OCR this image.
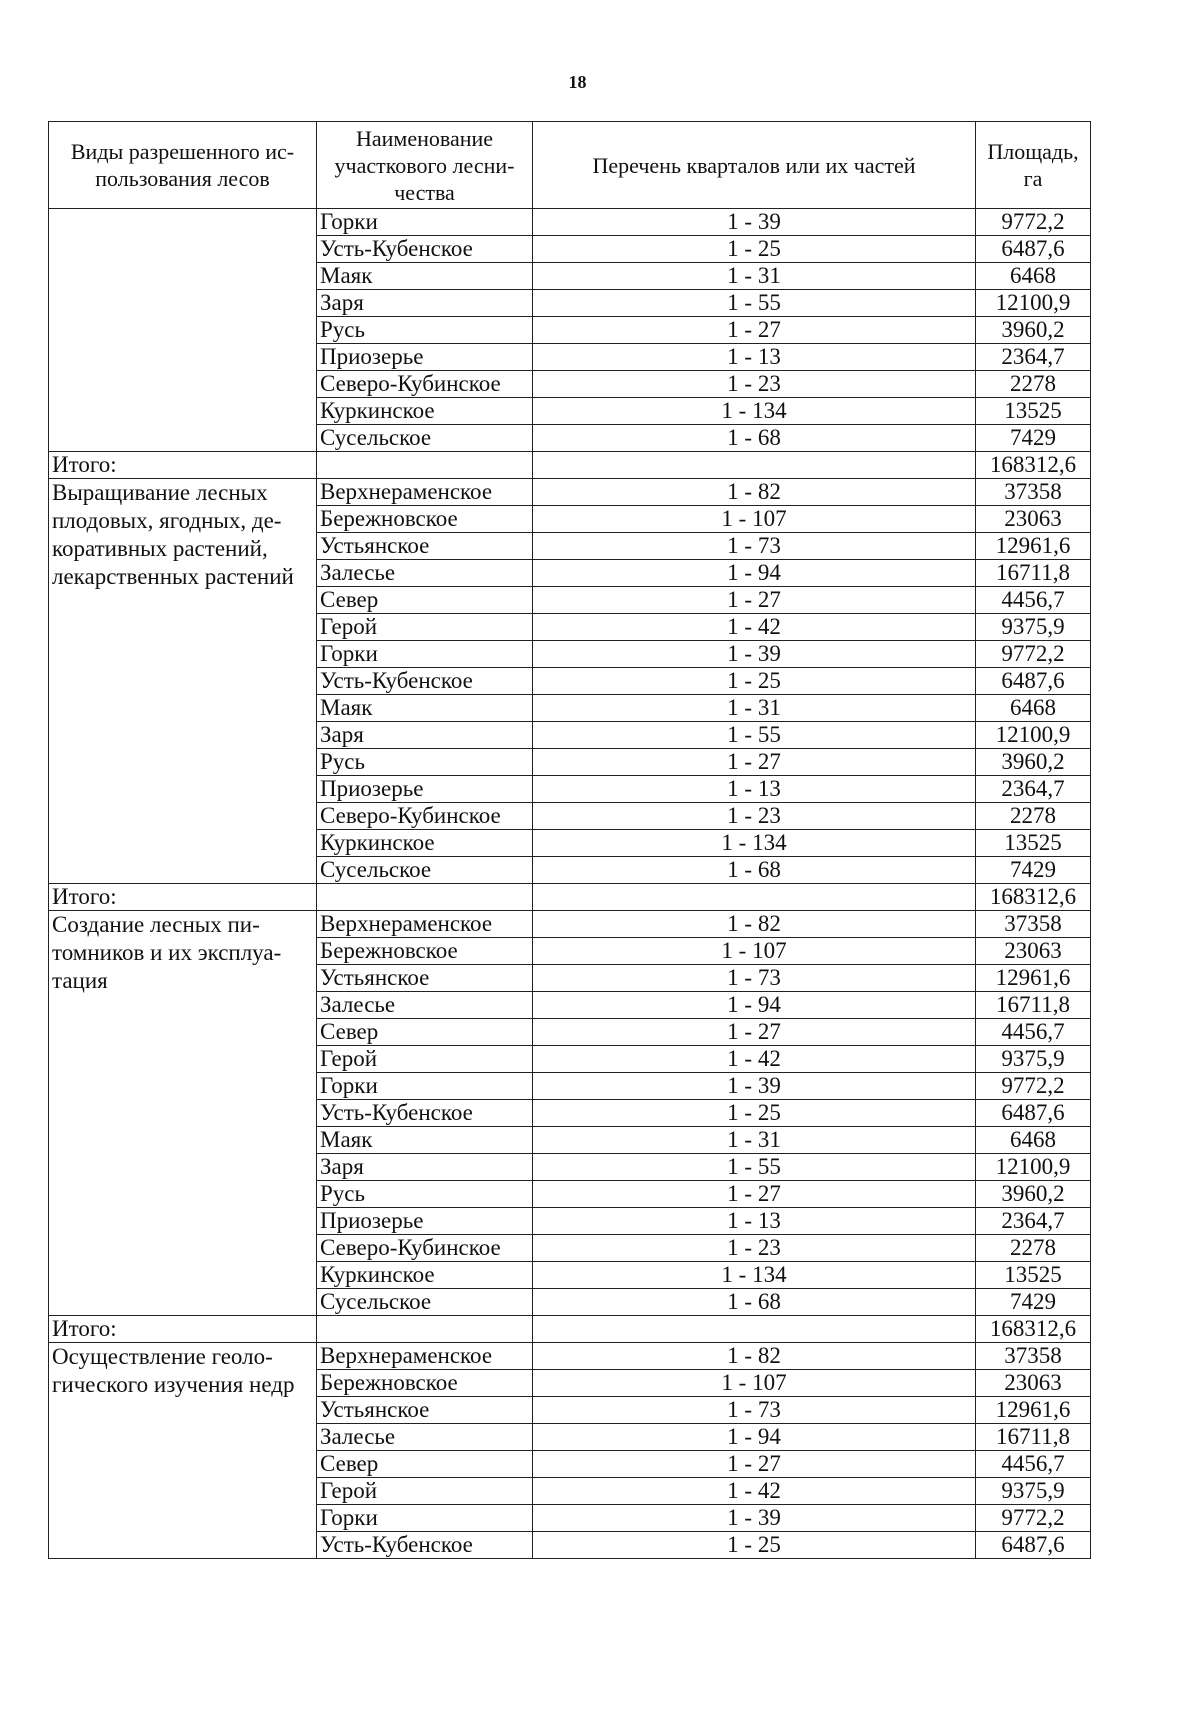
18
Виды разрешенного ис-пользования лесов	Наименование участкового лесни-чества	Перечень кварталов или их частей	Площадь, га
	Горки	1 - 39	9772,2
	Усть-Кубенское	1 - 25	6487,6
	Маяк	1 - 31	6468
	Заря	1 - 55	12100,9
	Русь	1 - 27	3960,2
	Приозерье	1 - 13	2364,7
	Северо-Кубинское	1 - 23	2278
	Куркинское	1 - 134	13525
	Сусельское	1 - 68	7429
Итого:			168312,6
Выращивание лесных плодовых, ягодных, де-коративных растений, лекарственных растений	Верхнераменское	1 - 82	37358
	Бережновское	1 - 107	23063
	Устьянское	1 - 73	12961,6
	Залесье	1 - 94	16711,8
	Север	1 - 27	4456,7
	Герой	1 - 42	9375,9
	Горки	1 - 39	9772,2
	Усть-Кубенское	1 - 25	6487,6
	Маяк	1 - 31	6468
	Заря	1 - 55	12100,9
	Русь	1 - 27	3960,2
	Приозерье	1 - 13	2364,7
	Северо-Кубинское	1 - 23	2278
	Куркинское	1 - 134	13525
	Сусельское	1 - 68	7429
Итого:			168312,6
Создание лесных пи-томников и их эксплуа-тация	Верхнераменское	1 - 82	37358
	Бережновское	1 - 107	23063
	Устьянское	1 - 73	12961,6
	Залесье	1 - 94	16711,8
	Север	1 - 27	4456,7
	Герой	1 - 42	9375,9
	Горки	1 - 39	9772,2
	Усть-Кубенское	1 - 25	6487,6
	Маяк	1 - 31	6468
	Заря	1 - 55	12100,9
	Русь	1 - 27	3960,2
	Приозерье	1 - 13	2364,7
	Северо-Кубинское	1 - 23	2278
	Куркинское	1 - 134	13525
	Сусельское	1 - 68	7429
Итого:			168312,6
Осуществление геоло-гического изучения недр	Верхнераменское	1 - 82	37358
	Бережновское	1 - 107	23063
	Устьянское	1 - 73	12961,6
	Залесье	1 - 94	16711,8
	Север	1 - 27	4456,7
	Герой	1 - 42	9375,9
	Горки	1 - 39	9772,2
	Усть-Кубенское	1 - 25	6487,6
